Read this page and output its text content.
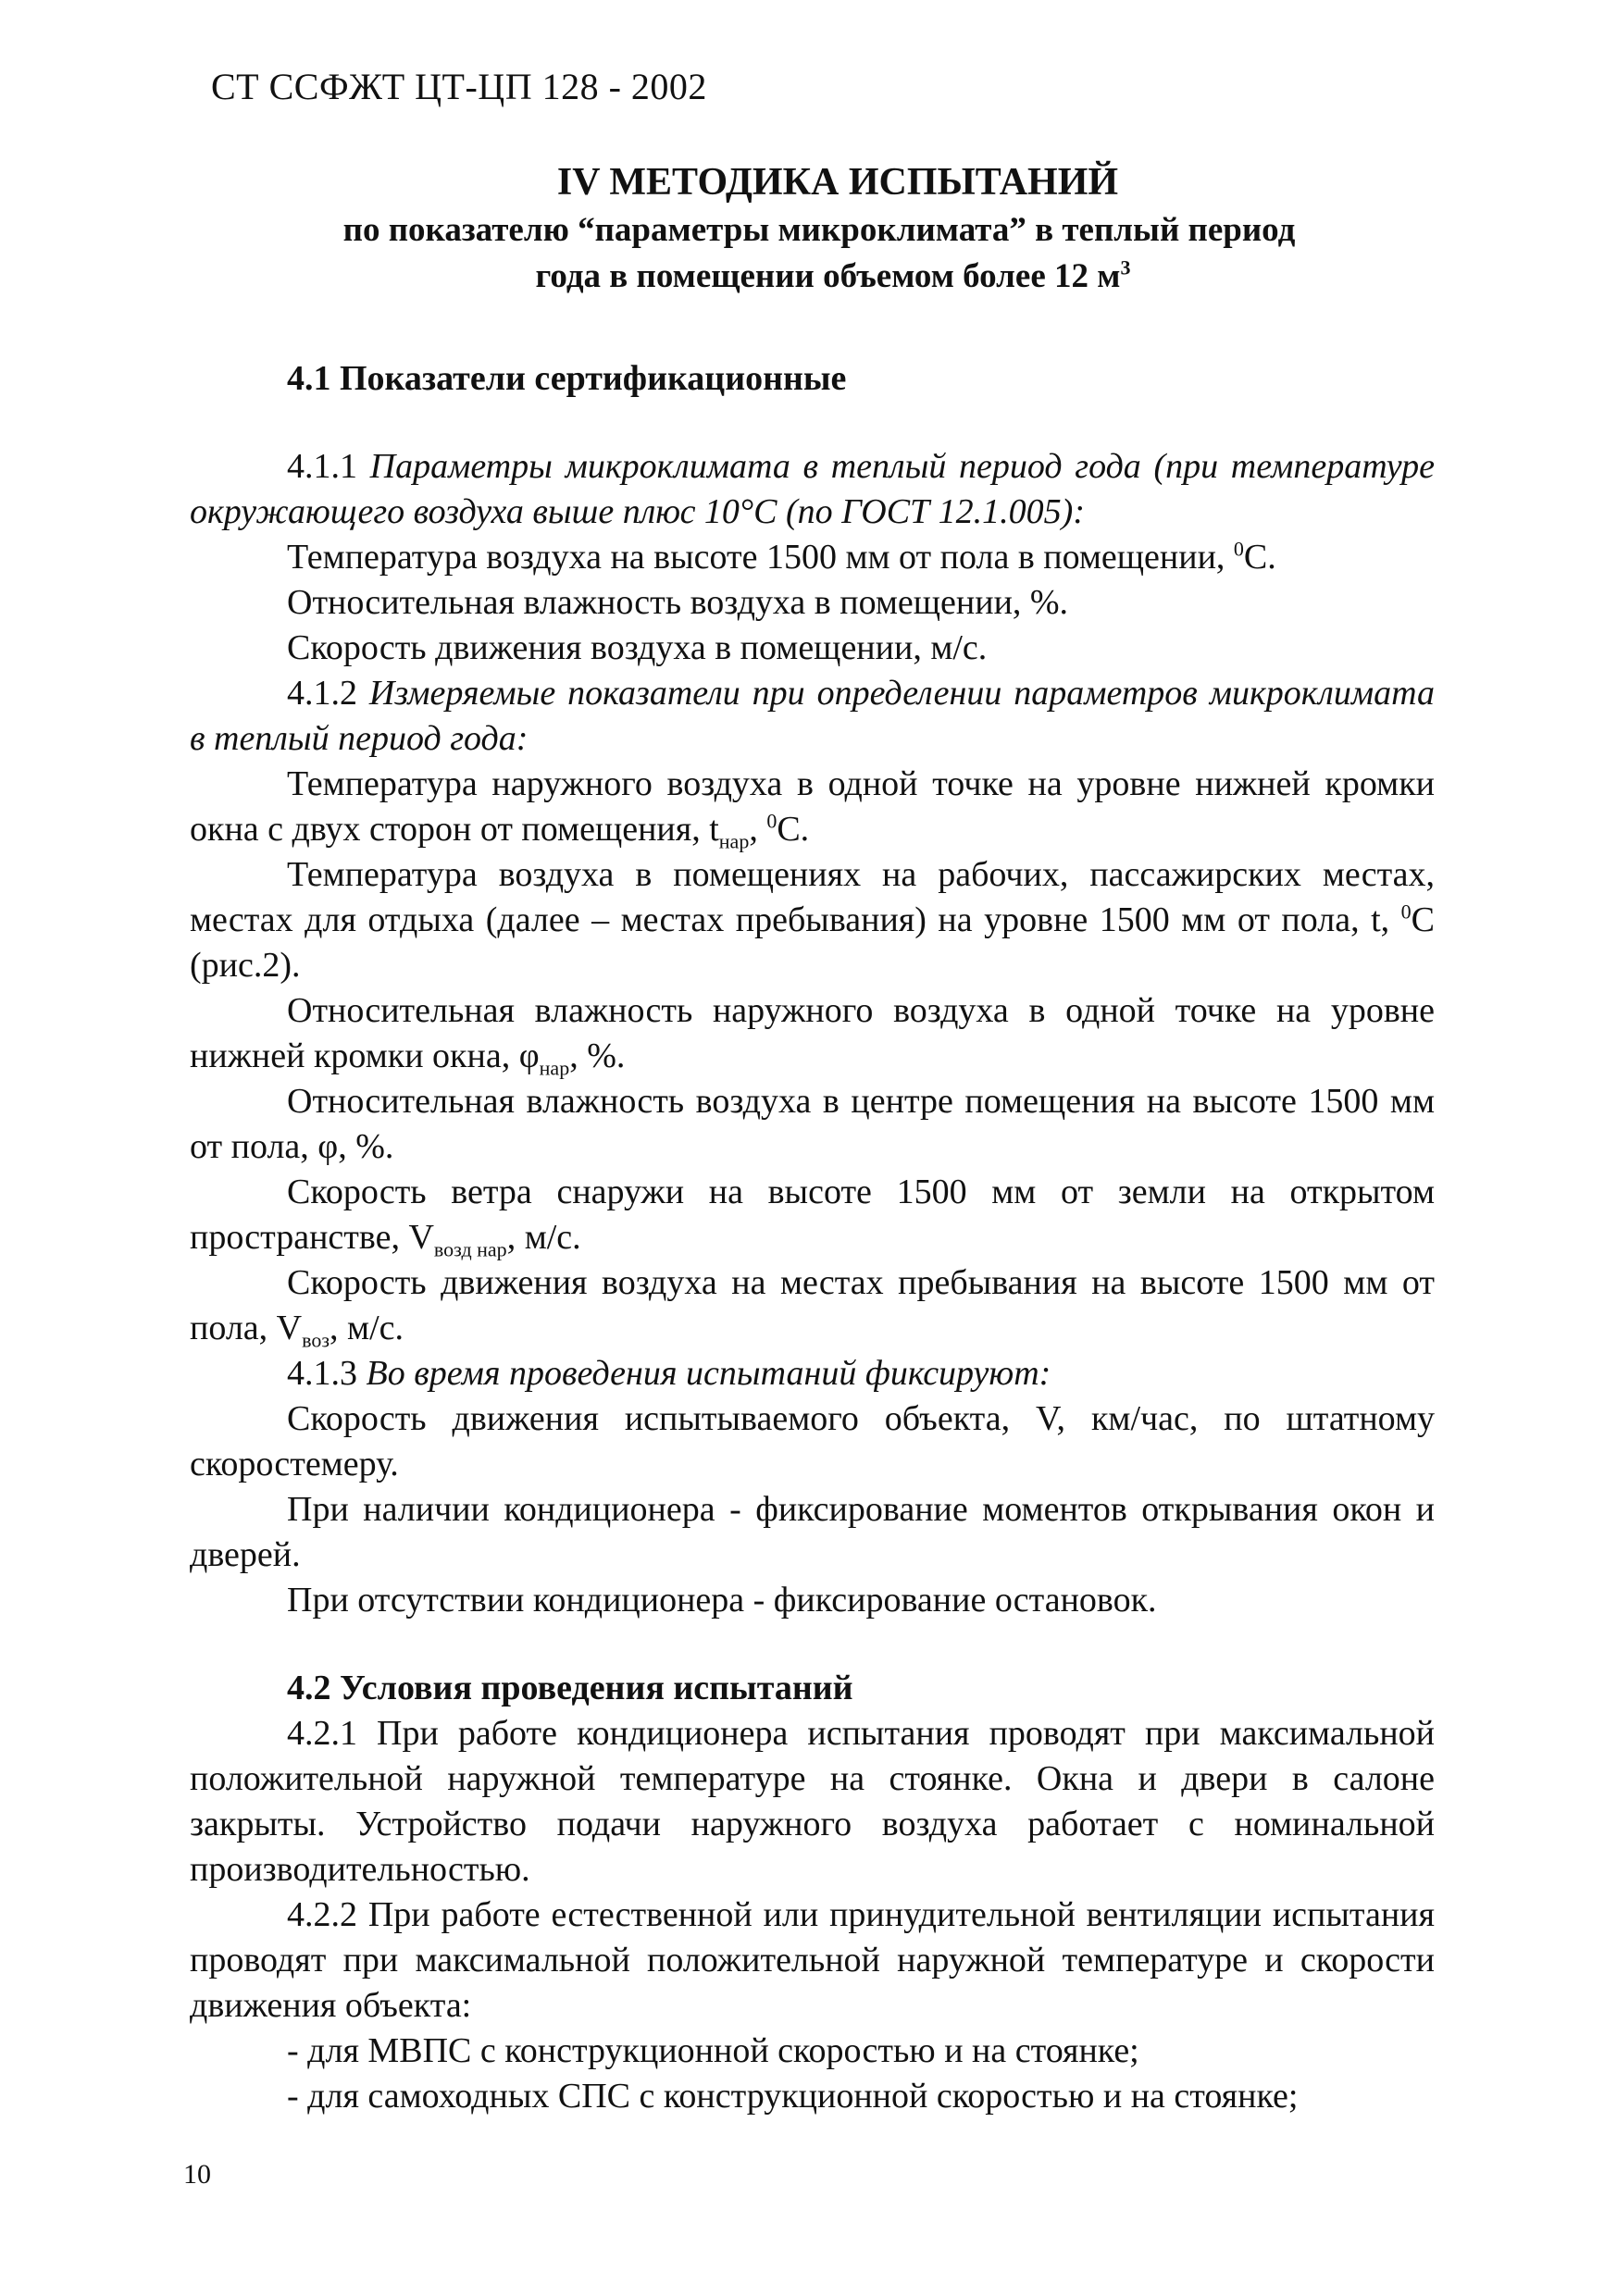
СТ ССФЖТ ЦТ-ЦП 128 - 2002
IV МЕТОДИКА ИСПЫТАНИЙ
по показателю “параметры микроклимата” в теплый период
года в помещении объемом более 12 $м^3$

4.1 Показатели сертификационные

4.1.1 Параметры микроклимата в теплый период года (при температуре окружающего воздуха выше плюс 10°С (по ГОСТ 12.1.005):

Температура воздуха на высоте 1500 мм от пола в помещении, $^0$С.

Относительная влажность воздуха в помещении, %.

Скорость движения воздуха в помещении, м/с.

4.1.2 Измеряемые показатели при определении параметров микроклимата в теплый период года:

Температура наружного воздуха в одной точке на уровне нижней кромки окна с двух сторон от помещения, $t_{нар}$, $^0$С.

Температура воздуха в помещениях на рабочих, пассажирских местах, местах для отдыха (далее – местах пребывания) на уровне 1500 мм от пола, t, $^0$С (рис.2).

Относительная влажность наружного воздуха в одной точке на уровне нижней кромки окна, $\varphi_{нар}$, %.

Относительная влажность воздуха в центре помещения на высоте 1500 мм от пола, φ, %.

Скорость ветра снаружи на высоте 1500 мм от земли на открытом пространстве, $V_{возд нар}$, м/с.

Скорость движения воздуха на местах пребывания на высоте 1500 мм от пола, $V_{воз}$, м/с.

4.1.3 Во время проведения испытаний фиксируют:

Скорость движения испытываемого объекта, V, км/час, по штатному скоростемеру.

При наличии кондиционера - фиксирование моментов открывания окон и дверей.

При отсутствии кондиционера - фиксирование остановок.

4.2 Условия проведения испытаний

4.2.1 При работе кондиционера испытания проводят при максимальной положительной наружной температуре на стоянке. Окна и двери в салоне закрыты. Устройство подачи наружного воздуха работает с номинальной производительностью.

4.2.2 При работе естественной или принудительной вентиляции испытания проводят при максимальной положительной наружной температуре и скорости движения объекта:

- для МВПС с конструкционной скоростью и на стоянке;

- для самоходных СПС с конструкционной скоростью и на стоянке;

10
